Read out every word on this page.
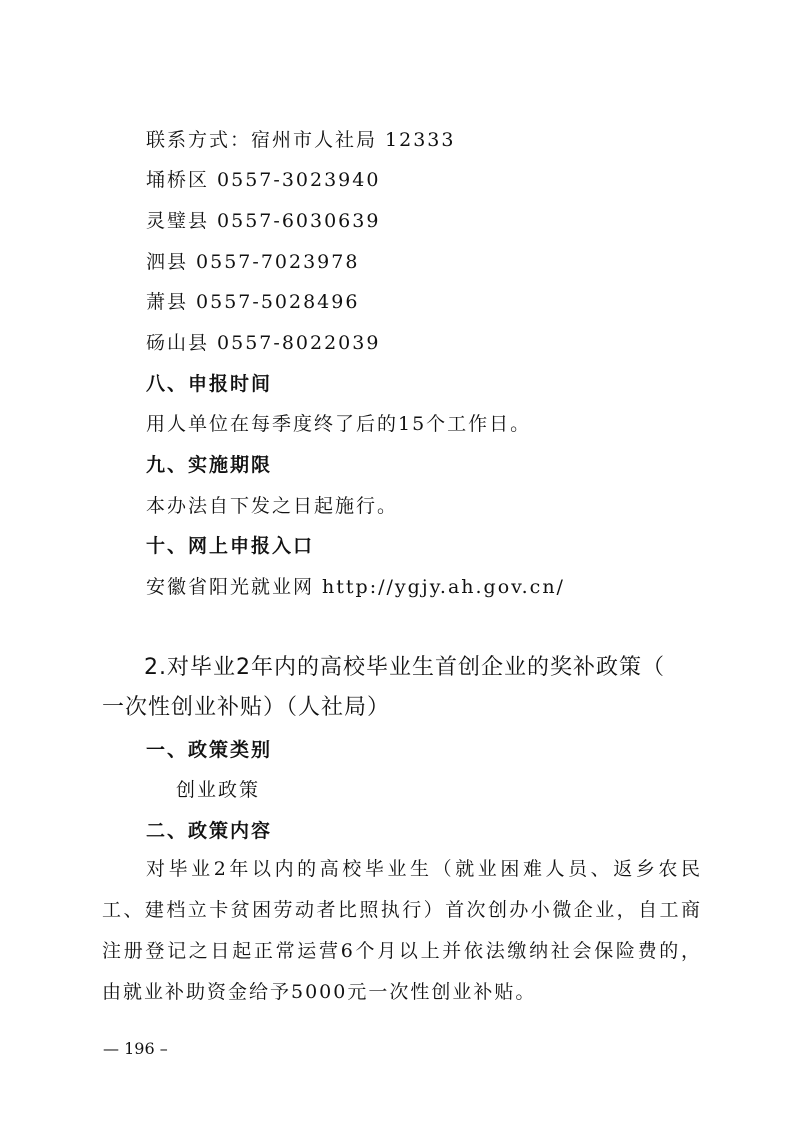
联系方式：宿州市人社局 12333
埇桥区 0557-3023940
灵璧县 0557-6030639
泗县 0557-7023978
萧县 0557-5028496
砀山县 0557-8022039
八、申报时间
用人单位在每季度终了后的15个工作日。
九、实施期限
本办法自下发之日起施行。
十、网上申报入口
安徽省阳光就业网 http://ygjy.ah.gov.cn/
2.对毕业2年内的高校毕业生首创企业的奖补政策（
一次性创业补贴）（人社局）
一、政策类别
创业政策
二、政策内容

对毕业2年以内的高校毕业生（就业困难人员、返乡农民工、建档立卡贫困劳动者比照执行）首次创办小微企业，自工商注册登记之日起正常运营6个月以上并依法缴纳社会保险费的，由就业补助资金给予5000元一次性创业补贴。

— 196 –
